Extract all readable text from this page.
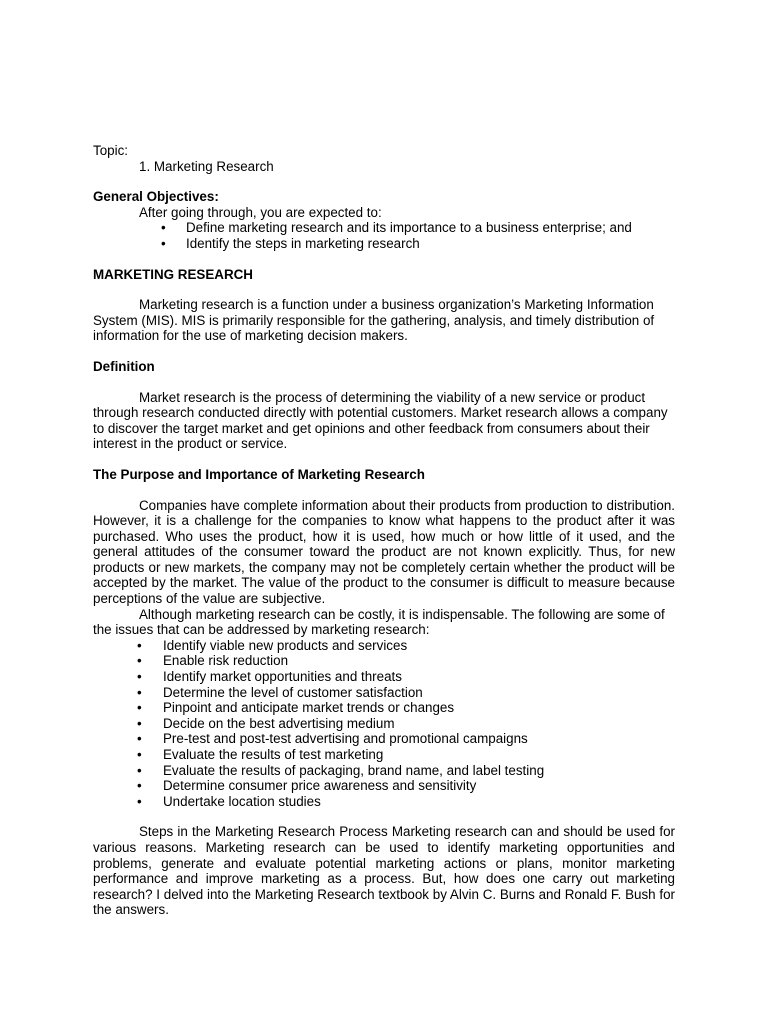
Topic:

1. Marketing Research

General Objectives:

After going through, you are expected to:

• Define marketing research and its importance to a business enterprise; and
• Identify the steps in marketing research

MARKETING RESEARCH

Marketing research is a function under a business organization’s Marketing Information System (MIS). MIS is primarily responsible for the gathering, analysis, and timely distribution of information for the use of marketing decision makers.

Definition

Market research is the process of determining the viability of a new service or product through research conducted directly with potential customers. Market research allows a company to discover the target market and get opinions and other feedback from consumers about their interest in the product or service.

The Purpose and Importance of Marketing Research

Companies have complete information about their products from production to distribution. However, it is a challenge for the companies to know what happens to the product after it was purchased. Who uses the product, how it is used, how much or how little of it used, and the general attitudes of the consumer toward the product are not known explicitly. Thus, for new products or new markets, the company may not be completely certain whether the product will be accepted by the market. The value of the product to the consumer is difficult to measure because perceptions of the value are subjective.

Although marketing research can be costly, it is indispensable. The following are some of the issues that can be addressed by marketing research:

• Identify viable new products and services
• Enable risk reduction
• Identify market opportunities and threats
• Determine the level of customer satisfaction
• Pinpoint and anticipate market trends or changes
• Decide on the best advertising medium
• Pre-test and post-test advertising and promotional campaigns
• Evaluate the results of test marketing
• Evaluate the results of packaging, brand name, and label testing
• Determine consumer price awareness and sensitivity
• Undertake location studies

Steps in the Marketing Research Process Marketing research can and should be used for various reasons. Marketing research can be used to identify marketing opportunities and problems, generate and evaluate potential marketing actions or plans, monitor marketing performance and improve marketing as a process. But, how does one carry out marketing research? I delved into the Marketing Research textbook by Alvin C. Burns and Ronald F. Bush for the answers.
